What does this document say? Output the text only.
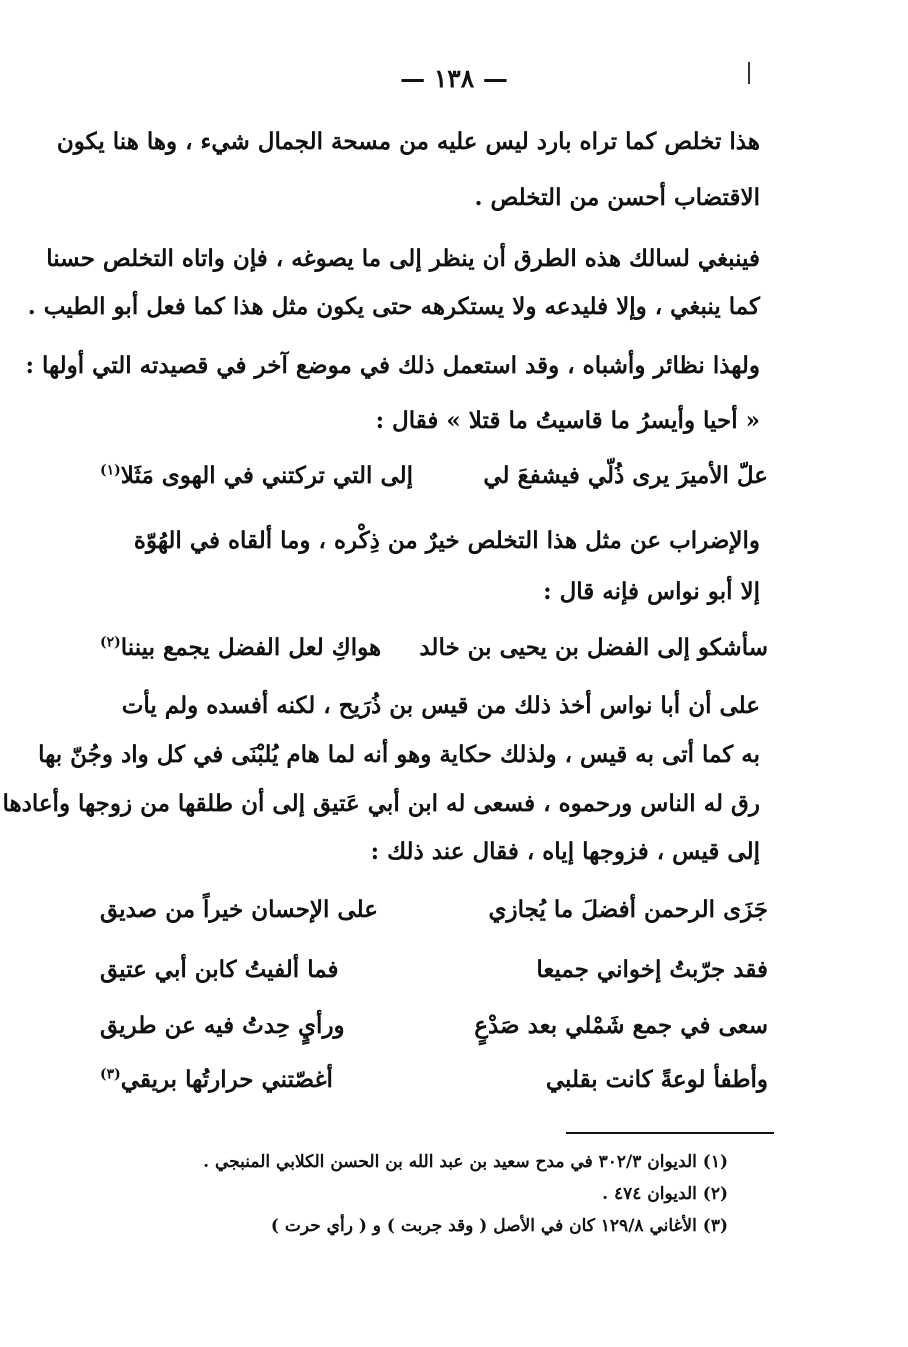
— ١٣٨ —
هذا تخلص كما تراه بارد ليس عليه من مسحة الجمال شيء ، وها هنا يكون
الاقتضاب أحسن من التخلص .
فينبغي لسالك هذه الطرق أن ينظر إلى ما يصوغه ، فإن واتاه التخلص حسنا
كما ينبغي ، وإلا فليدعه ولا يستكرهه حتى يكون مثل هذا كما فعل أبو الطيب .
ولهذا نظائر وأشباه ، وقد استعمل ذلك في موضع آخر في قصيدته التي أولها :
« أحيا وأيسرُ ما قاسيتُ ما قتلا » فقال :
علّ الأميرَ يرى ذُلّي فيشفعَ لي
إلى التي تركتني في الهوى مَثَلا$^{(١)}$
والإضراب عن مثل هذا التخلص خيرٌ من ذِكْره ، وما ألقاه في الهُوّة
إلا أبو نواس فإنه قال :
سأشكو إلى الفضل بن يحيى بن خالد
هواكِ لعل الفضل يجمع بيننا$^{(٢)}$
على أن أبا نواس أخذ ذلك من قيس بن ذُرَيح ، لكنه أفسده ولم يأت
به كما أتى به قيس ، ولذلك حكاية وهو أنه لما هام يُلبْنَى في كل واد وجُنّ بها
رق له الناس ورحموه ، فسعى له ابن أبي عَتيق إلى أن طلقها من زوجها وأعادها
إلى قيس ، فزوجها إياه ، فقال عند ذلك :
جَزَى الرحمن أفضلَ ما يُجازي
على الإحسان خيراً من صديق
فقد جرّبتُ إخواني جميعا
فما ألفيتُ كابن أبي عتيق
سعى في جمع شَمْلي بعد صَدْعٍ
ورأيٍ حِدتُ فيه عن طريق
وأطفأ لوعةً كانت بقلبي
أغصّتني حرارتُها بريقي$^{(٣)}$
(١) الديوان ٣٠٢/٣ في مدح سعيد بن عبد الله بن الحسن الكلابي المنبجي .
(٢) الديوان ٤٧٤ .
(٣) الأغاني ١٢٩/٨ كان في الأصل ( وقد جربت ) و ( رأي حرت )
